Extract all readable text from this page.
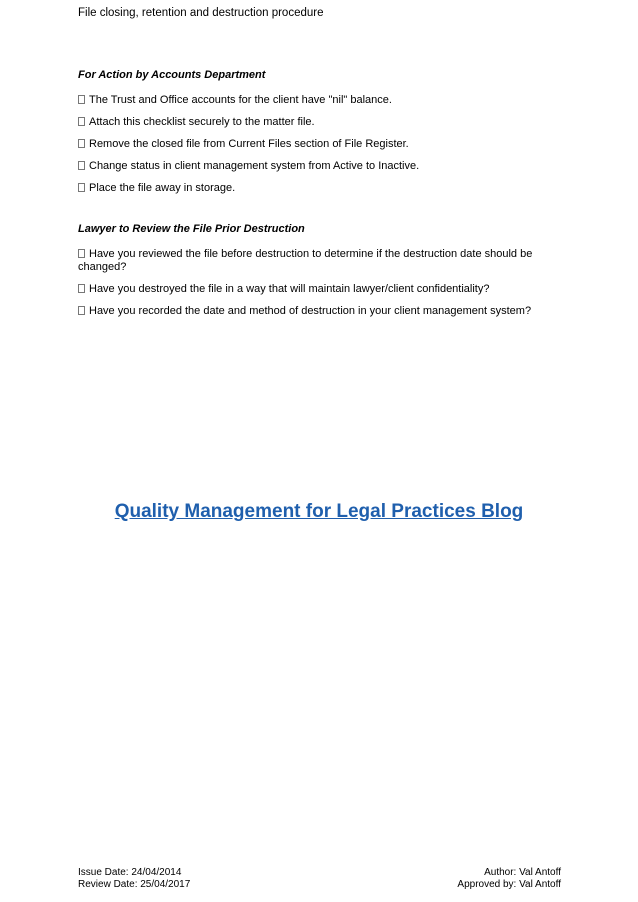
File closing, retention and destruction procedure
For Action by Accounts Department
The Trust and Office accounts for the client have "nil" balance.
Attach this checklist securely to the matter file.
Remove the closed file from Current Files section of File Register.
Change status in client management system from Active to Inactive.
Place the file away in storage.
Lawyer to Review the File Prior Destruction
Have you reviewed the file before destruction to determine if the destruction date should be changed?
Have you destroyed the file in a way that will maintain lawyer/client confidentiality?
Have you recorded the date and method of destruction in your client management system?
Quality Management for Legal Practices Blog
Issue Date: 24/04/2014
Review Date: 25/04/2017
Author: Val Antoff
Approved by: Val Antoff
